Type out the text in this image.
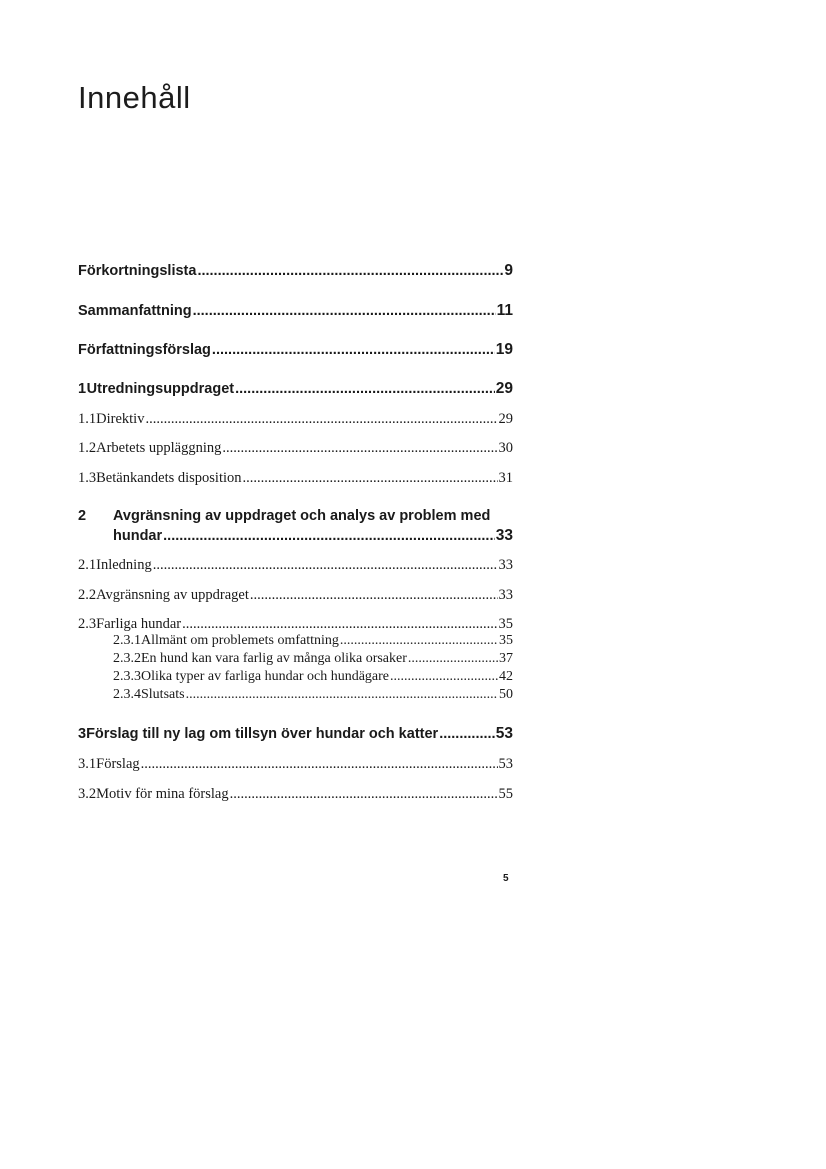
Innehåll
Förkortningslista .....	9
Sammanfattning .....	11
Författningsförslag .....	19
1 Utredningsuppdraget .....	29
1.1 Direktiv .....	29
1.2 Arbetets uppläggning .....	30
1.3 Betänkandets disposition .....	31
2 Avgränsning av uppdraget och analys av problem med
hundar .....	33
2.1 Inledning .....	33
2.2 Avgränsning av uppdraget .....	33
2.3 Farliga hundar .....	35
2.3.1 Allmänt om problemets omfattning .....	35
2.3.2 En hund kan vara farlig av många olika orsaker .....	37
2.3.3 Olika typer av farliga hundar och hundägare .....	42
2.3.4 Slutsats .....	50
3 Förslag till ny lag om tillsyn över hundar och katter .....	53
3.1 Förslag .....	53
3.2 Motiv för mina förslag .....	55
5
